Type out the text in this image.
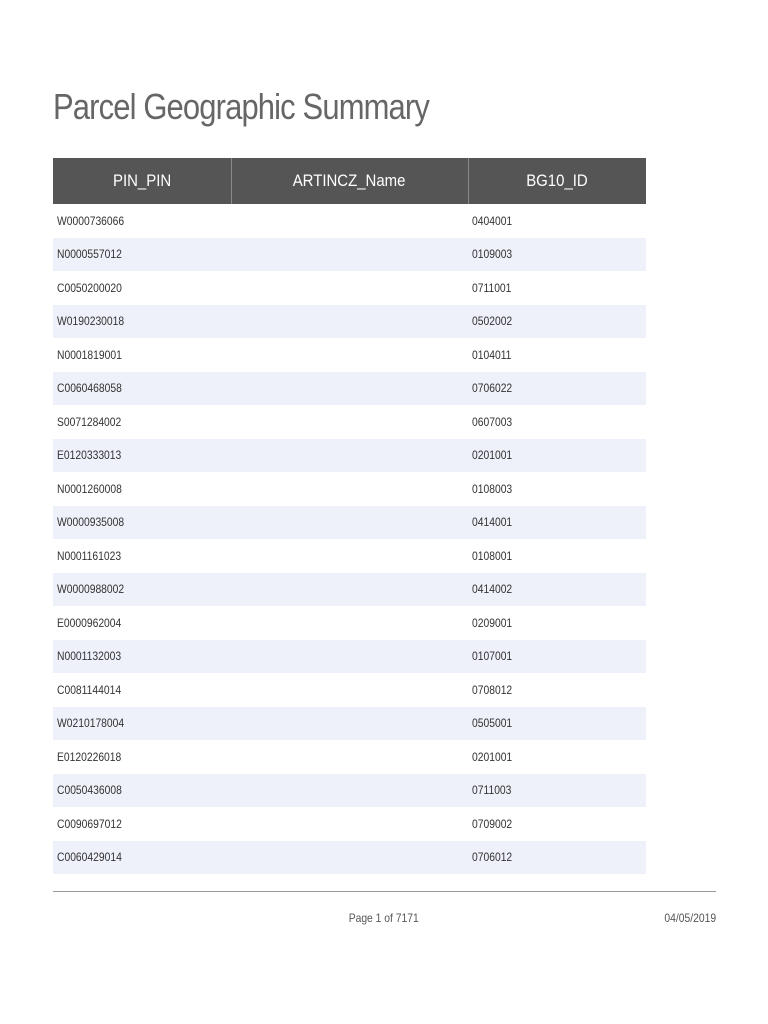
Parcel Geographic Summary
PIN_PIN	ARTINCZ_Name	BG10_ID
W0000736066		0404001
N0000557012		0109003
C0050200020		0711001
W0190230018		0502002
N0001819001		0104011
C0060468058		0706022
S0071284002		0607003
E0120333013		0201001
N0001260008		0108003
W0000935008		0414001
N0001161023		0108001
W0000988002		0414002
E0000962004		0209001
N0001132003		0107001
C0081144014		0708012
W0210178004		0505001
E0120226018		0201001
C0050436008		0711003
C0090697012		0709002
C0060429014		0706012
Page 1 of 7171	04/05/2019
